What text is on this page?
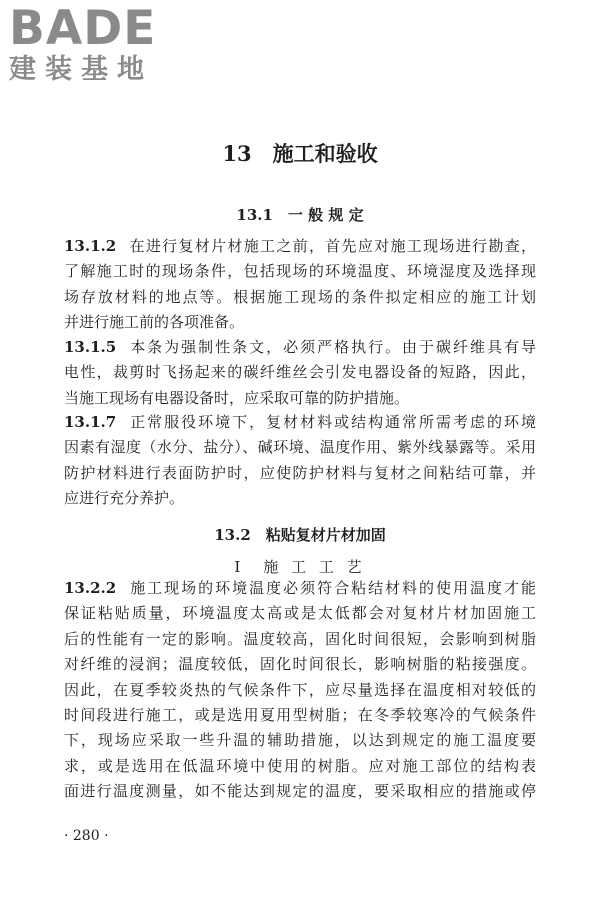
BADE
建装基地
13　施工和验收
13.1　一 般 规 定
13.1.2 在进行复材片材施工之前，首先应对施工现场进行勘查，
了解施工时的现场条件，包括现场的环境温度、环境湿度及选择现
场存放材料的地点等。根据施工现场的条件拟定相应的施工计划
并进行施工前的各项准备。
13.1.5 本条为强制性条文，必须严格执行。由于碳纤维具有导
电性，裁剪时飞扬起来的碳纤维丝会引发电器设备的短路，因此，
当施工现场有电器设备时，应采取可靠的防护措施。
13.1.7 正常服役环境下，复材材料或结构通常所需考虑的环境
因素有湿度（水分、盐分）、碱环境、温度作用、紫外线暴露等。采用
防护材料进行表面防护时，应使防护材料与复材之间粘结可靠，并
应进行充分养护。
13.2　粘贴复材片材加固
Ⅰ　施 工 工 艺
13.2.2 施工现场的环境温度必须符合粘结材料的使用温度才能
保证粘贴质量，环境温度太高或是太低都会对复材片材加固施工
后的性能有一定的影响。温度较高，固化时间很短，会影响到树脂
对纤维的浸润；温度较低，固化时间很长，影响树脂的粘接强度。
因此，在夏季较炎热的气候条件下，应尽量选择在温度相对较低的
时间段进行施工，或是选用夏用型树脂；在冬季较寒冷的气候条件
下，现场应采取一些升温的辅助措施，以达到规定的施工温度要
求，或是选用在低温环境中使用的树脂。应对施工部位的结构表
面进行温度测量，如不能达到规定的温度，要采取相应的措施或停
· 280 ·
